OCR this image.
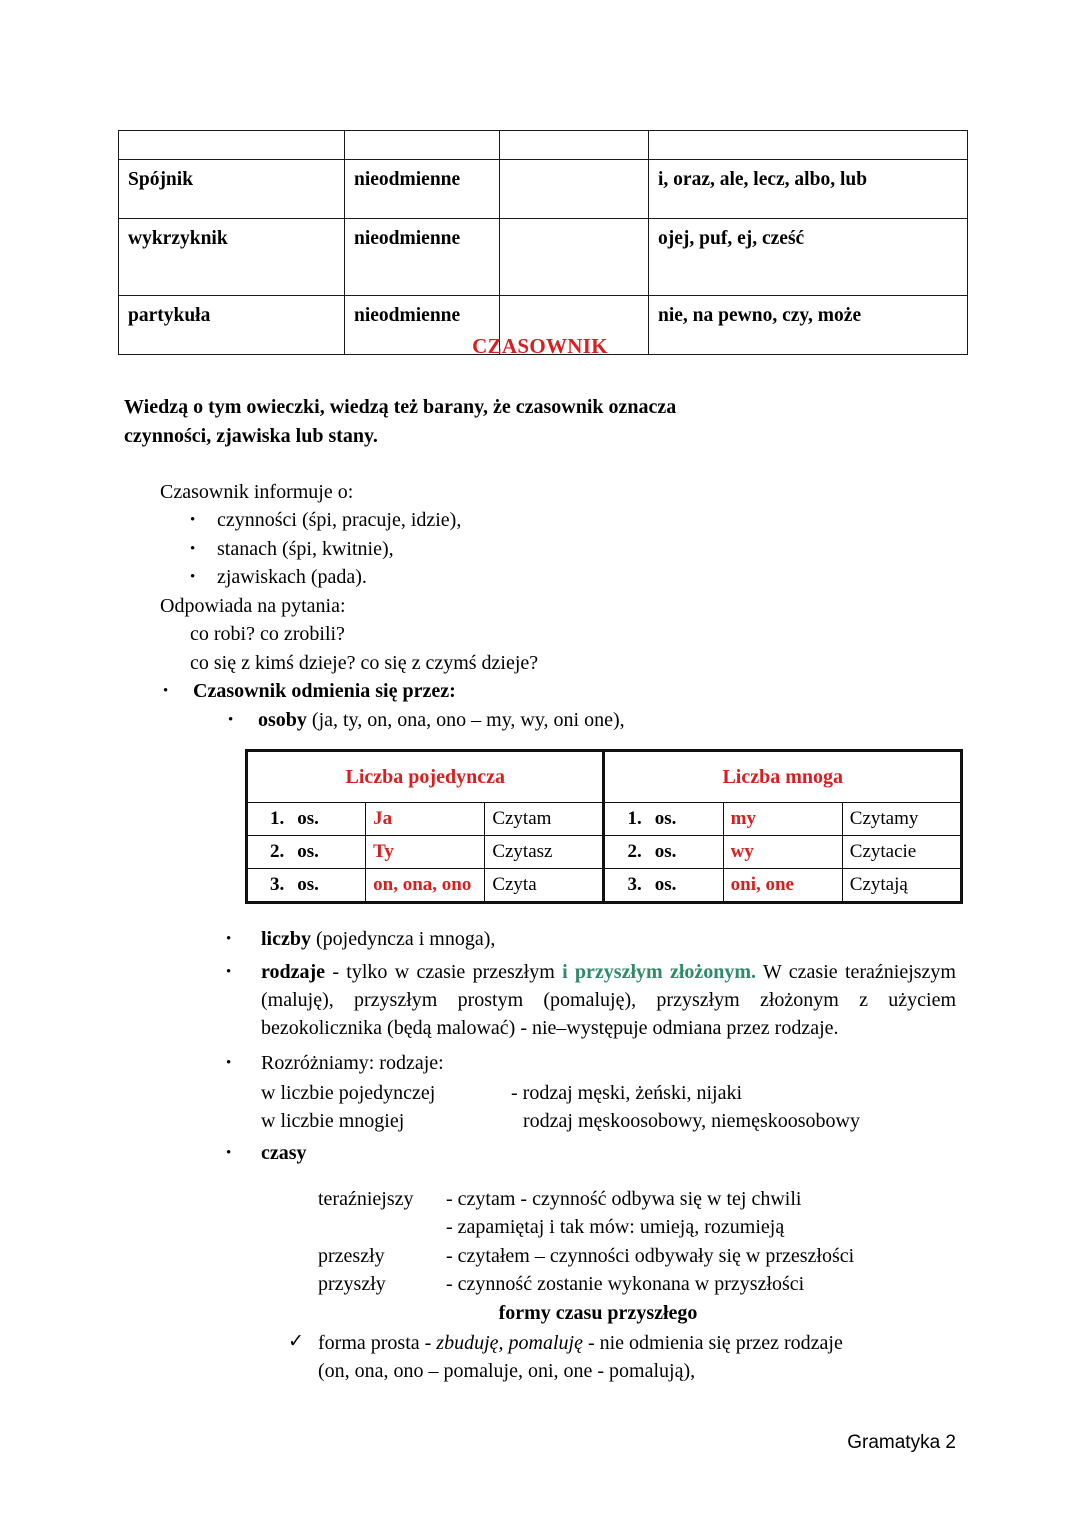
Spójnik	nieodmienne		i, oraz, ale, lecz, albo, lub
wykrzyknik	nieodmienne		ojej, puf, ej, cześć
partykuła	nieodmienne		nie, na pewno, czy, może
CZASOWNIK
Wiedzą o tym owieczki, wiedzą też barany, że czasownik oznacza
czynności, zjawiska lub stany.
Czasownik informuje o:
•	czynności (śpi, pracuje, idzie),
•	stanach (śpi, kwitnie),
•	zjawiskach (pada).
Odpowiada na pytania:
co robi? co zrobili?
co się z kimś dzieje? co się z czymś dzieje?
•	Czasownik odmienia się przez:
•	osoby (ja, ty, on, ona, ono – my, wy, oni one),
Liczba pojedyncza			Liczba mnoga		
1. os.	Ja	Czytam	1. os.	my	Czytamy
2. os.	Ty	Czytasz	2. os.	wy	Czytacie
3. os.	on, ona, ono	Czyta	3. os.	oni, one	Czytają
•	liczby (pojedyncza i mnoga),
•	rodzaje - tylko w czasie przeszłym i przyszłym złożonym. W czasie teraźniejszym (maluję), przyszłym prostym (pomaluję), przyszłym złożonym z użyciem bezokolicznika (będą malować) - nie–występuje odmiana przez rodzaje.
•	Rozróżniamy: rodzaje:
w liczbie pojedynczej	- rodzaj męski, żeński, nijaki
w liczbie mnogiej	rodzaj męskoosobowy, niemęskoosobowy
•	czasy
teraźniejszy	- czytam - czynność odbywa się w tej chwili
- zapamiętaj i tak mów: umieją, rozumieją
przeszły	- czytałem – czynności odbywały się w przeszłości
przyszły	- czynność zostanie wykonana w przyszłości
formy czasu przyszłego
✓ forma prosta - zbuduję, pomaluję - nie odmienia się przez rodzaje
(on, ona, ono – pomaluje, oni, one - pomalują),
Gramatyka 2
